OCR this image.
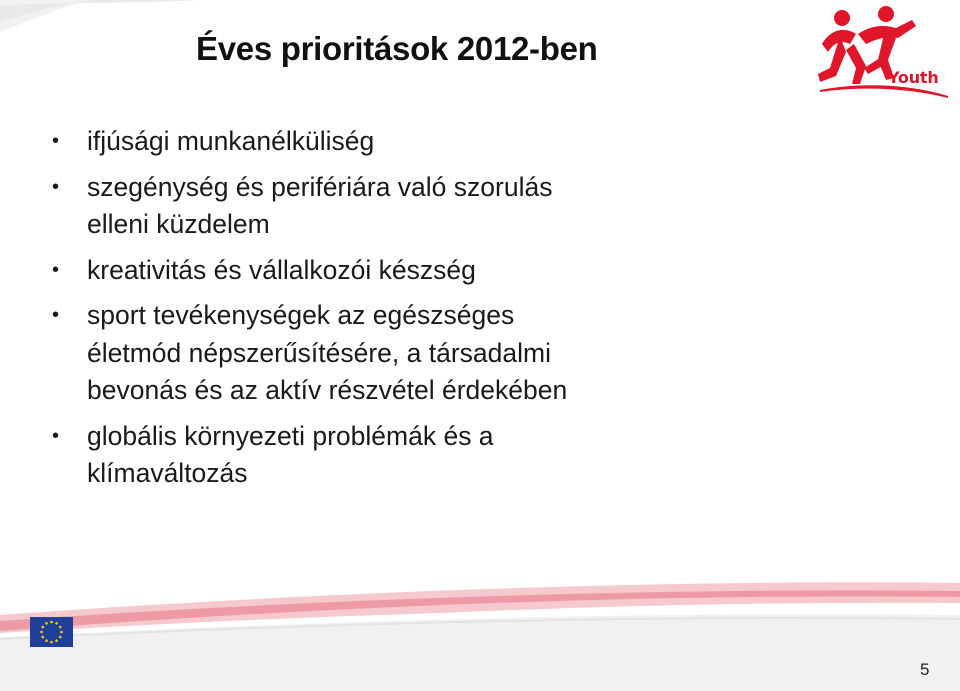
Éves prioritások 2012-ben
Youth
• ifjúsági munkanélküliség
• szegénység és perifériára való szorulás
elleni küzdelem
• kreativitás és vállalkozói készség
• sport tevékenységek az egészséges
életmód népszerűsítésére, a társadalmi
bevonás és az aktív részvétel érdekében
• globális környezeti problémák és a
klímaváltozás
5
